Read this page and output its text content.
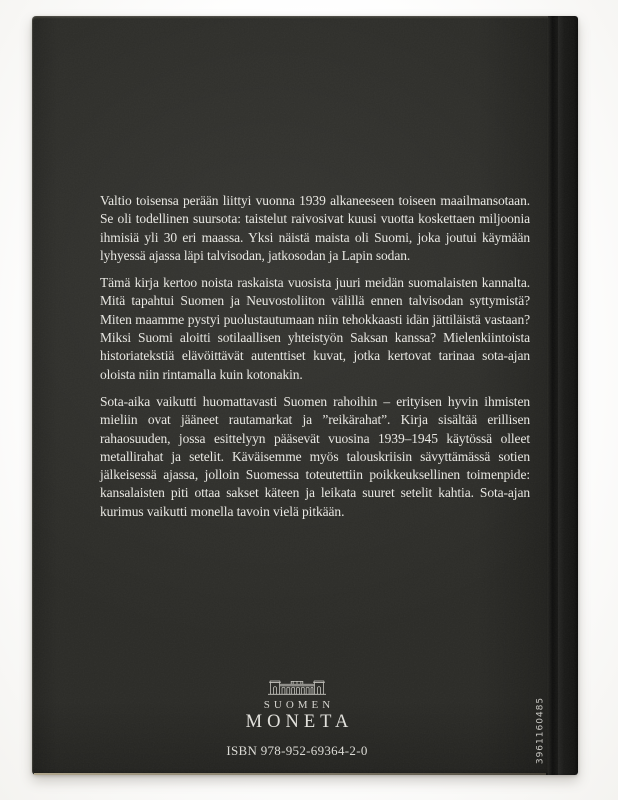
Valtio toisensa perään liittyi vuonna 1939 alkaneeseen toiseen maailmansotaan. Se oli todellinen suursota: taistelut raivosivat kuusi vuotta koskettaen miljoonia ihmisiä yli 30 eri maassa. Yksi näistä maista oli Suomi, joka joutui käymään lyhyessä ajassa läpi talvisodan, jatkosodan ja Lapin sodan.

Tämä kirja kertoo noista raskaista vuosista juuri meidän suomalaisten kannalta. Mitä tapahtui Suomen ja Neuvostoliiton välillä ennen talvisodan syttymistä? Miten maamme pystyi puolustautumaan niin tehokkaasti idän jättiläistä vastaan? Miksi Suomi aloitti sotilaallisen yhteistyön Saksan kanssa? Mielenkiintoista historiatekstiä elävöittävät autenttiset kuvat, jotka kertovat tarinaa sota-ajan oloista niin rintamalla kuin kotonakin.

Sota-aika vaikutti huomattavasti Suomen rahoihin – erityisen hyvin ihmisten mieliin ovat jääneet rautamarkat ja ”reikärahat”. Kirja sisältää erillisen rahaosuuden, jossa esittelyyn pääsevät vuosina 1939–1945 käytössä olleet metallirahat ja setelit. Käväisemme myös talouskriisin sävyttämässä sotien jälkeisessä ajassa, jolloin Suomessa toteutettiin poikkeuksellinen toimenpide: kansalaisten piti ottaa sakset käteen ja leikata suuret setelit kahtia. Sota-ajan kurimus vaikutti monella tavoin vielä pitkään.

SUOMEN
MONETA
ISBN 978-952-69364-2-0	3961160485
